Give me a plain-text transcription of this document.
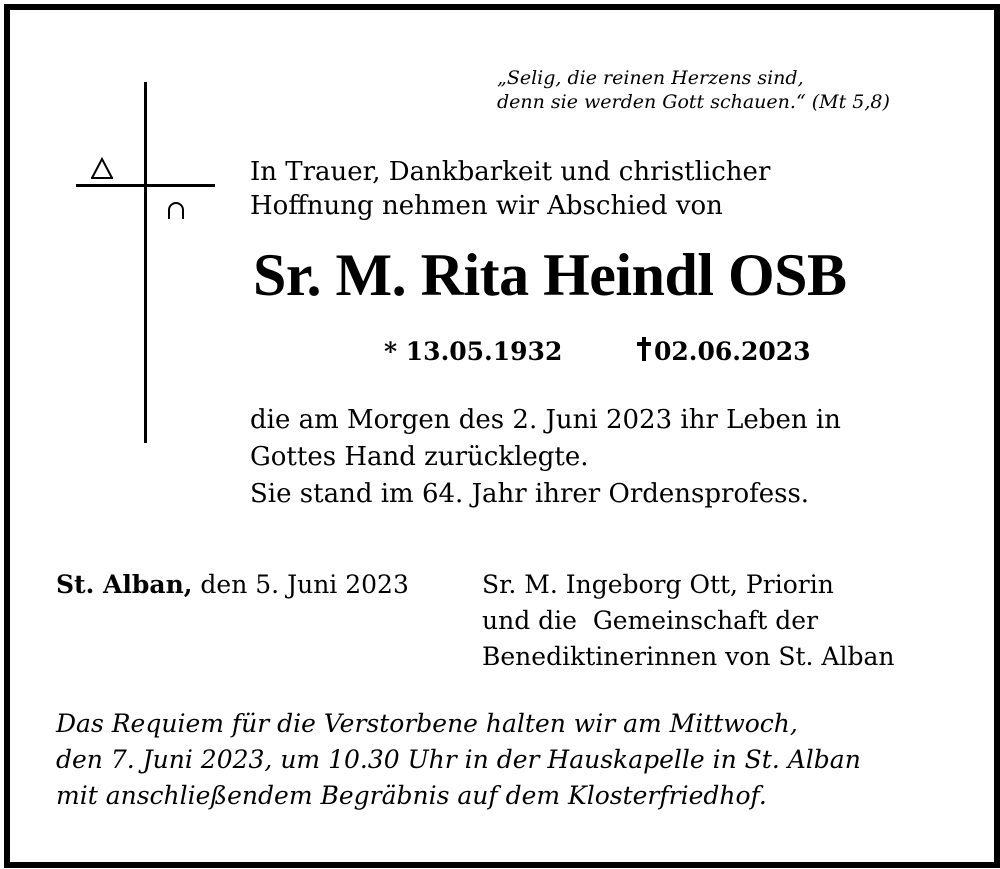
„Selig, die reinen Herzens sind,
denn sie werden Gott schauen.“ (Mt 5,8)
In Trauer, Dankbarkeit und christlicher
Hoffnung nehmen wir Abschied von
Sr. M. Rita Heindl OSB
* 13.05.1932	02.06.2023
die am Morgen des 2. Juni 2023 ihr Leben in
Gottes Hand zurücklegte.
Sie stand im 64. Jahr ihrer Ordensprofess.
St. Alban, den 5. Juni 2023	Sr. M. Ingeborg Ott, Priorin
und die  Gemeinschaft der
Benediktinerinnen von St. Alban
Das Requiem für die Verstorbene halten wir am Mittwoch,
den 7. Juni 2023, um 10.30 Uhr in der Hauskapelle in St. Alban
mit anschließendem Begräbnis auf dem Klosterfriedhof.
